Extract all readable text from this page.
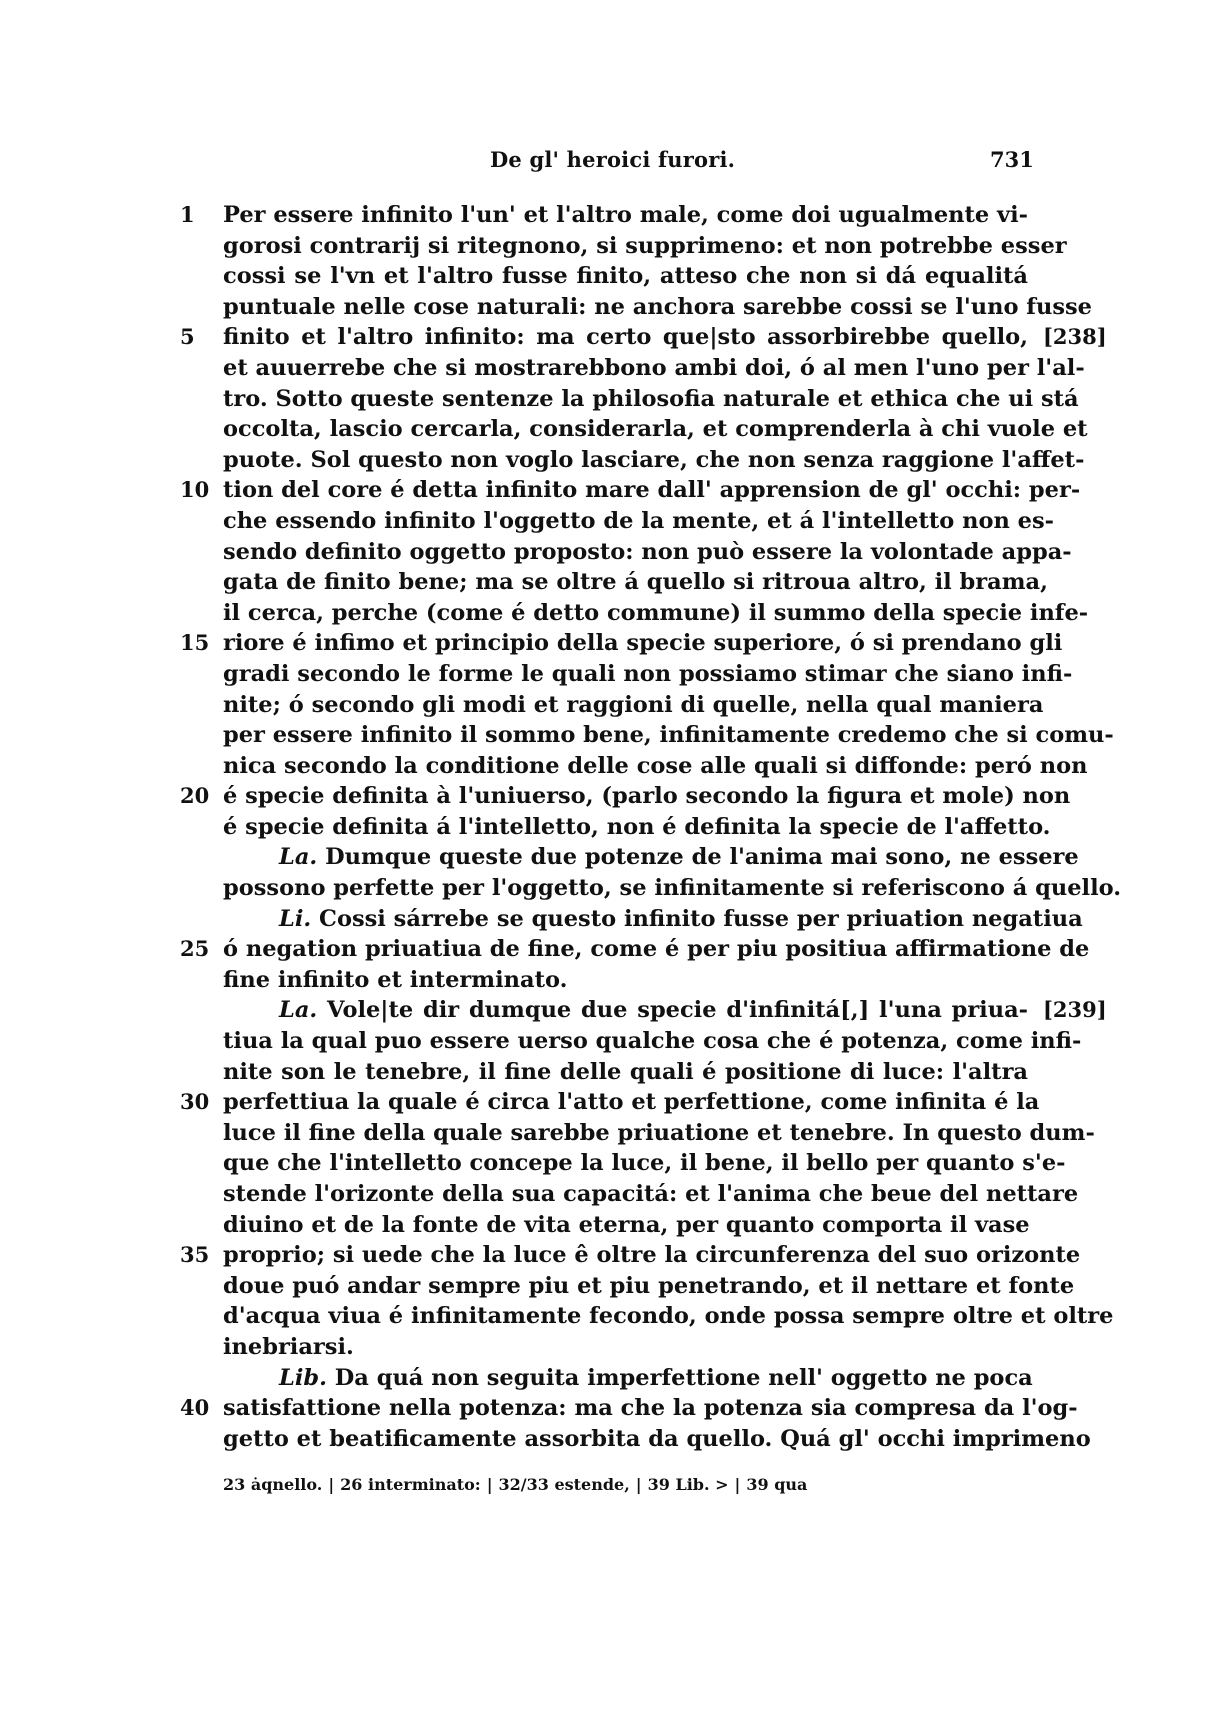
De gl' heroici furori.	731
1	Per essere infinito l'un' et l'altro male, come doi ugualmente vi-
gorosi contrarij si ritegnono, si supprimeno: et non potrebbe esser
cossi se l'vn et l'altro fusse finito, atteso che non si dá equalitá
puntuale nelle cose naturali: ne anchora sarebbe cossi se l'uno fusse
5	finito et l'altro infinito: ma certo que|sto assorbirebbe quello, [238]
et auuerrebe che si mostrarebbono ambi doi, ó al men l'uno per l'al-
tro. Sotto queste sentenze la philosofia naturale et ethica che ui stá
occolta, lascio cercarla, considerarla, et comprenderla à chi vuole et
puote. Sol questo non voglo lasciare, che non senza raggione l'affet-
10 tion del core é detta infinito mare dall' apprension de gl' occhi: per-
che essendo infinito l'oggetto de la mente, et á l'intelletto non es-
sendo definito oggetto proposto: non può essere la volontade appa-
gata de finito bene; ma se oltre á quello si ritroua altro, il brama,
il cerca, perche (come é detto commune) il summo della specie infe-
15 riore é infimo et principio della specie superiore, ó si prendano gli
gradi secondo le forme le quali non possiamo stimar che siano infi-
nite; ó secondo gli modi et raggioni di quelle, nella qual maniera
per essere infinito il sommo bene, infinitamente credemo che si comu-
nica secondo la conditione delle cose alle quali si diffonde: peró non
20 é specie definita à l'uniuerso, (parlo secondo la figura et mole) non
é specie definita á l'intelletto, non é definita la specie de l'affetto.
La. Dumque queste due potenze de l'anima mai sono, ne essere
possono perfette per l'oggetto, se infinitamente si referiscono á quello.
Li. Cossi sárrebe se questo infinito fusse per priuation negatiua
25 ó negation priuatiua de fine, come é per piu positiua affirmatione de
fine infinito et interminato.
La. Vole|te dir dumque due specie d'infinitá[,] l'una priua- [239]
tiua la qual puo essere uerso qualche cosa che é potenza, come infi-
nite son le tenebre, il fine delle quali é positione di luce: l'altra
30 perfettiua la quale é circa l'atto et perfettione, come infinita é la
luce il fine della quale sarebbe priuatione et tenebre. In questo dum-
que che l'intelletto concepe la luce, il bene, il bello per quanto s'e-
stende l'orizonte della sua capacitá: et l'anima che beue del nettare
diuino et de la fonte de vita eterna, per quanto comporta il vase
35 proprio; si uede che la luce ê oltre la circunferenza del suo orizonte
doue puó andar sempre piu et piu penetrando, et il nettare et fonte
d'acqua viua é infinitamente fecondo, onde possa sempre oltre et oltre
inebriarsi.
Lib. Da quá non seguita imperfettione nell' oggetto ne poca
40 satisfattione nella potenza: ma che la potenza sia compresa da l'og-
getto et beatificamente assorbita da quello. Quá gl' occhi imprimeno
23 ȧqnello. | 26 interminato: | 32/33 estende, | 39 Lib. > | 39 qua
